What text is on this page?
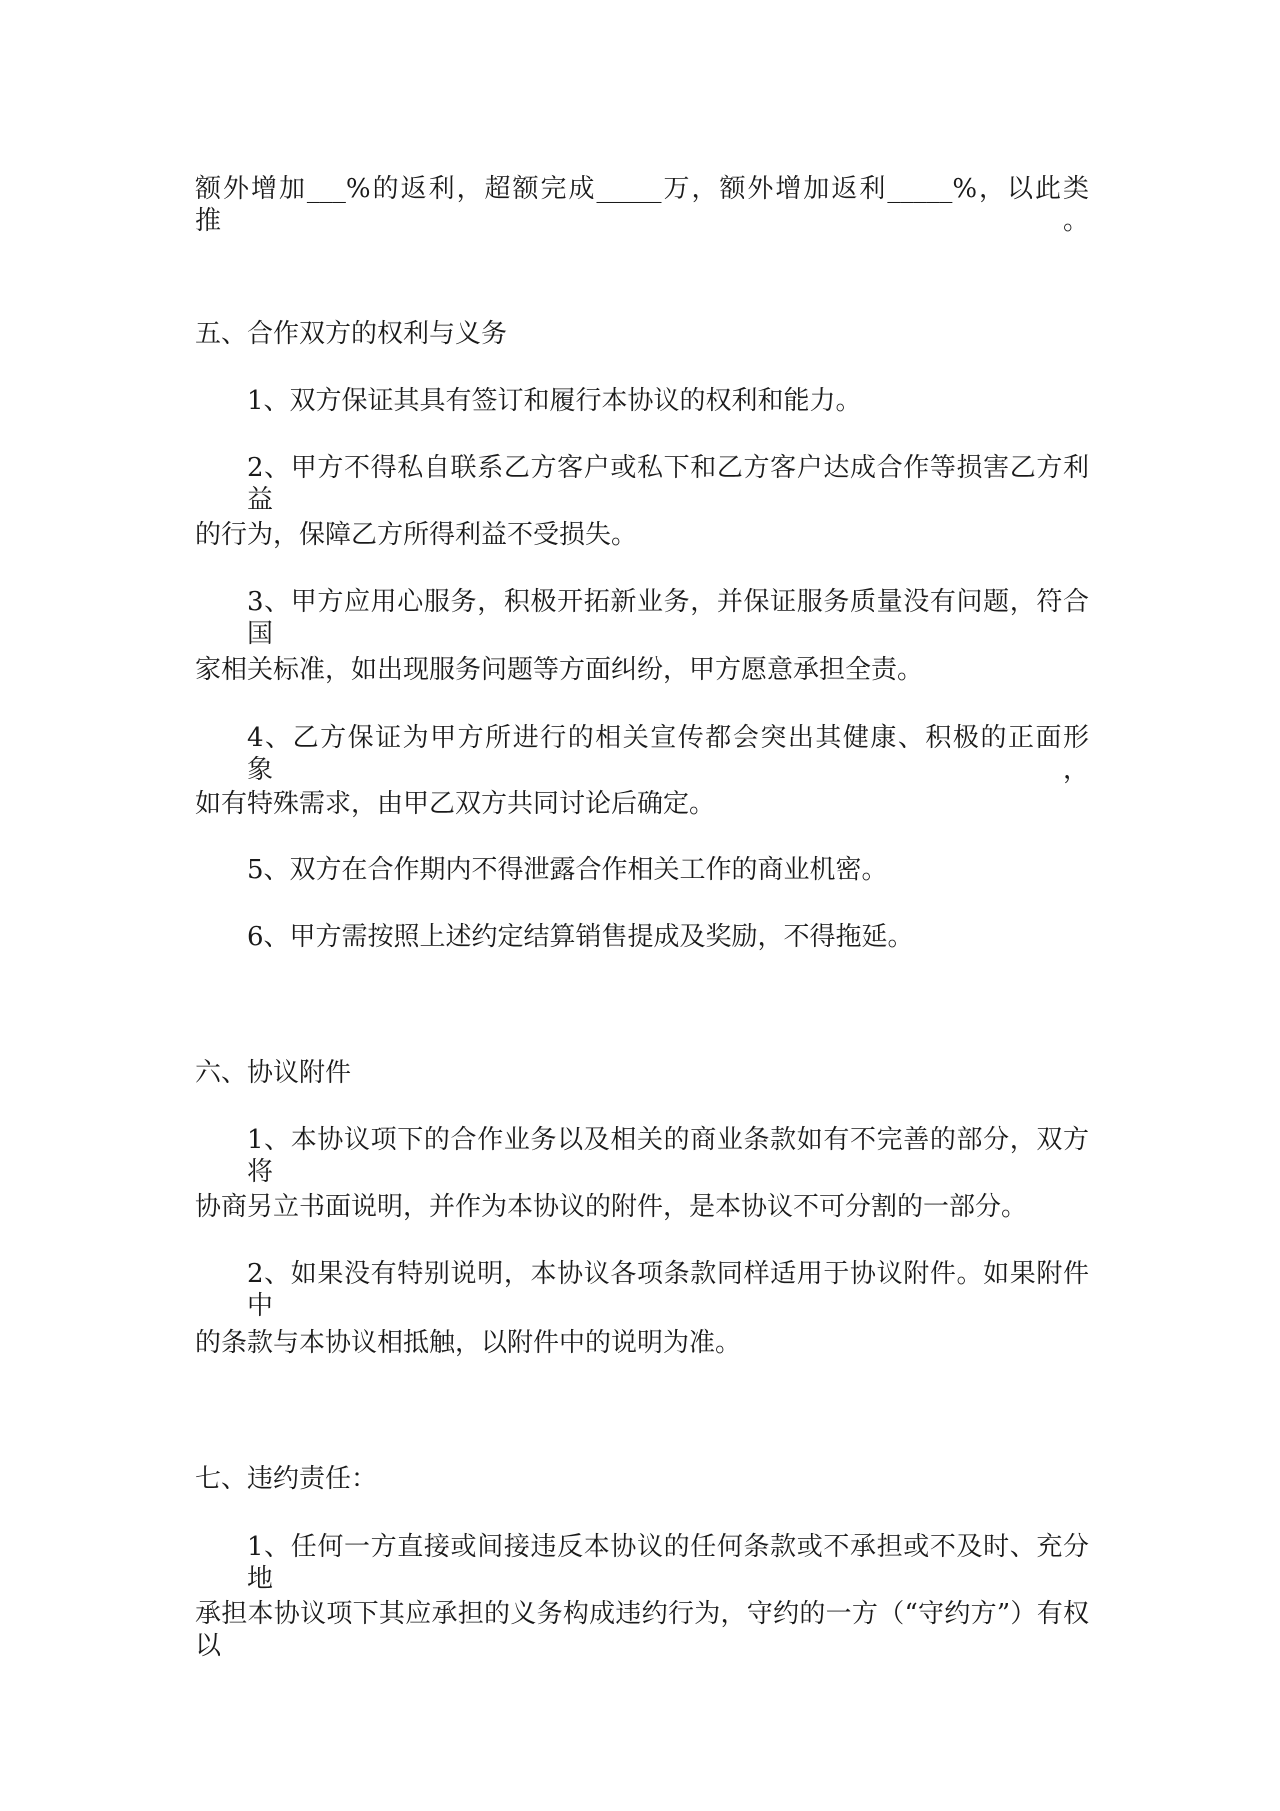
额外增加___%的返利，超额完成_____万，额外增加返利_____%，以此类推。
五、合作双方的权利与义务
1、双方保证其具有签订和履行本协议的权利和能力。
2、甲方不得私自联系乙方客户或私下和乙方客户达成合作等损害乙方利益
的行为，保障乙方所得利益不受损失。
3、甲方应用心服务，积极开拓新业务，并保证服务质量没有问题，符合国
家相关标准，如出现服务问题等方面纠纷，甲方愿意承担全责。
4、乙方保证为甲方所进行的相关宣传都会突出其健康、积极的正面形象，
如有特殊需求，由甲乙双方共同讨论后确定。
5、双方在合作期内不得泄露合作相关工作的商业机密。
6、甲方需按照上述约定结算销售提成及奖励，不得拖延。
六、协议附件
1、本协议项下的合作业务以及相关的商业条款如有不完善的部分，双方将
协商另立书面说明，并作为本协议的附件，是本协议不可分割的一部分。
2、如果没有特别说明，本协议各项条款同样适用于协议附件。如果附件中
的条款与本协议相抵触，以附件中的说明为准。
七、违约责任：
1、任何一方直接或间接违反本协议的任何条款或不承担或不及时、充分地
承担本协议项下其应承担的义务构成违约行为，守约的一方（“守约方”）有权以
